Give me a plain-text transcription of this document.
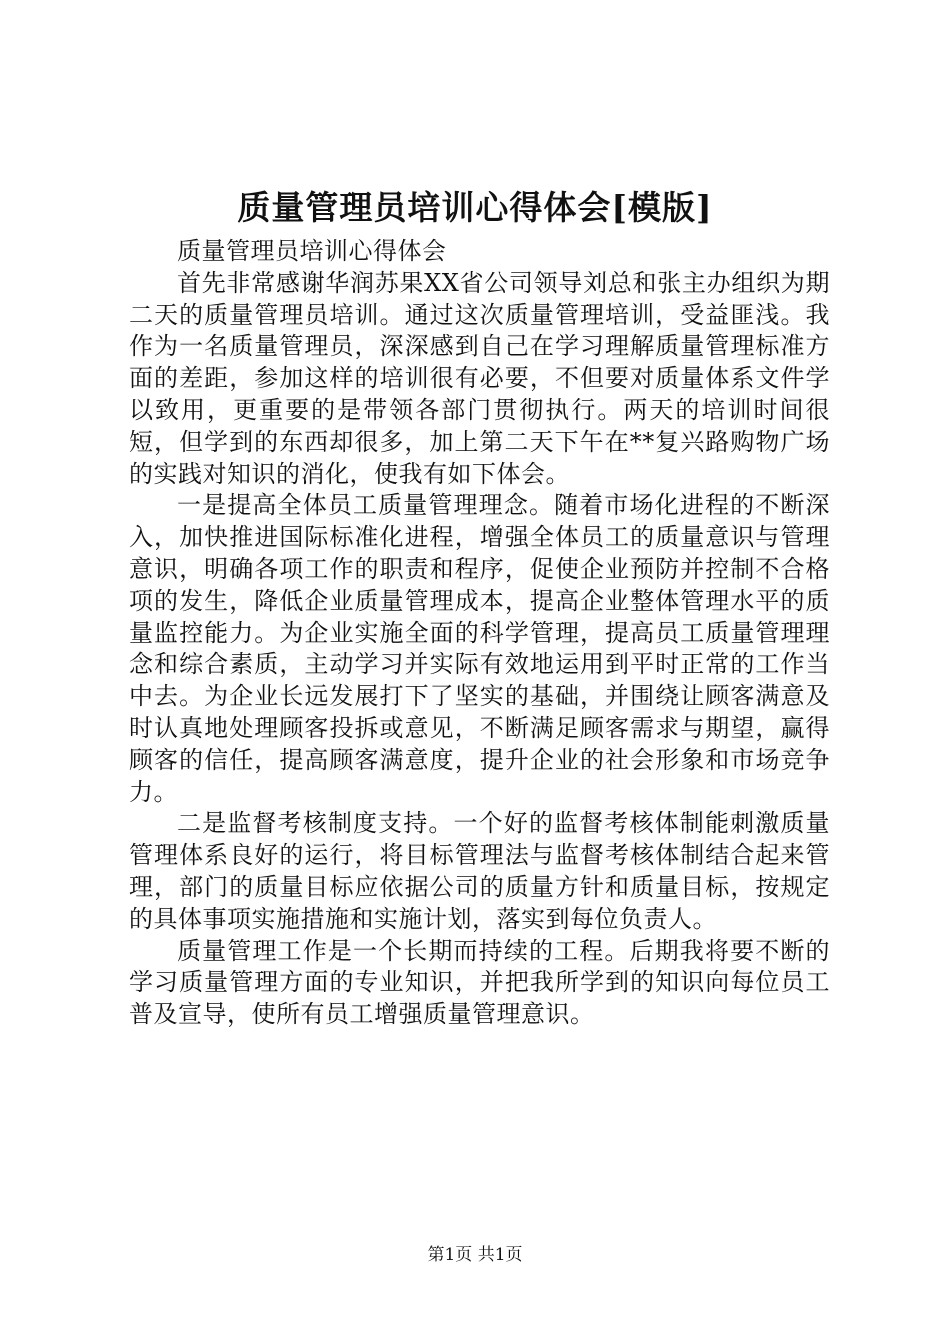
质量管理员培训心得体会[模版]

质量管理员培训心得体会

首先非常感谢华润苏果XX省公司领导刘总和张主办组织为期二天的质量管理员培训。通过这次质量管理培训，受益匪浅。我作为一名质量管理员，深深感到自己在学习理解质量管理标准方面的差距，参加这样的培训很有必要，不但要对质量体系文件学以致用，更重要的是带领各部门贯彻执行。两天的培训时间很短，但学到的东西却很多，加上第二天下午在**复兴路购物广场的实践对知识的消化，使我有如下体会。

一是提高全体员工质量管理理念。随着市场化进程的不断深入，加快推进国际标准化进程，增强全体员工的质量意识与管理意识，明确各项工作的职责和程序，促使企业预防并控制不合格项的发生，降低企业质量管理成本，提高企业整体管理水平的质量监控能力。为企业实施全面的科学管理，提高员工质量管理理念和综合素质，主动学习并实际有效地运用到平时正常的工作当中去。为企业长远发展打下了坚实的基础，并围绕让顾客满意及时认真地处理顾客投拆或意见，不断满足顾客需求与期望，赢得顾客的信任，提高顾客满意度，提升企业的社会形象和市场竞争力。

二是监督考核制度支持。一个好的监督考核体制能刺激质量管理体系良好的运行，将目标管理法与监督考核体制结合起来管理，部门的质量目标应依据公司的质量方针和质量目标，按规定的具体事项实施措施和实施计划，落实到每位负责人。

质量管理工作是一个长期而持续的工程。后期我将要不断的学习质量管理方面的专业知识，并把我所学到的知识向每位员工普及宣导，使所有员工增强质量管理意识。

第1页 共1页
